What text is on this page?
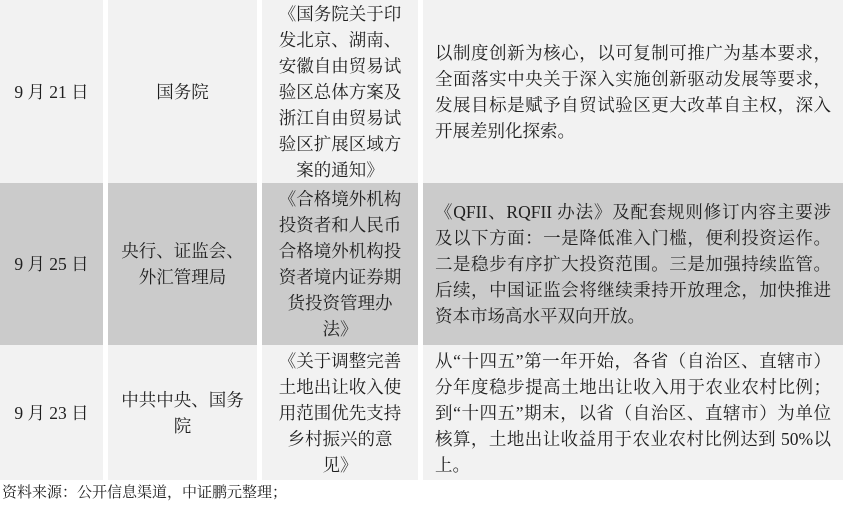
9 月 21 日	国务院
《国务院关于印发北京、湖南、安徽自由贸易试验区总体方案及浙江自由贸易试验区扩展区域方案的通知》
以制度创新为核心，以可复制可推广为基本要求，全面落实中央关于深入实施创新驱动发展等要求，发展目标是赋予自贸试验区更大改革自主权，深入开展差别化探索。
9 月 25 日
央行、证监会、外汇管理局
《合格境外机构投资者和人民币合格境外机构投资者境内证券期货投资管理办法》
《QFII、RQFII 办法》及配套规则修订内容主要涉及以下方面：一是降低准入门槛，便利投资运作。二是稳步有序扩大投资范围。三是加强持续监管。后续，中国证监会将继续秉持开放理念，加快推进资本市场高水平双向开放。
9 月 23 日
中共中央、国务院
《关于调整完善土地出让收入使用范围优先支持乡村振兴的意见》
从“十四五”第一年开始，各省（自治区、直辖市）分年度稳步提高土地出让收入用于农业农村比例；到“十四五”期末，以省（自治区、直辖市）为单位核算，土地出让收益用于农业农村比例达到 50%以上。
资料来源：公开信息渠道，中证鹏元整理；
